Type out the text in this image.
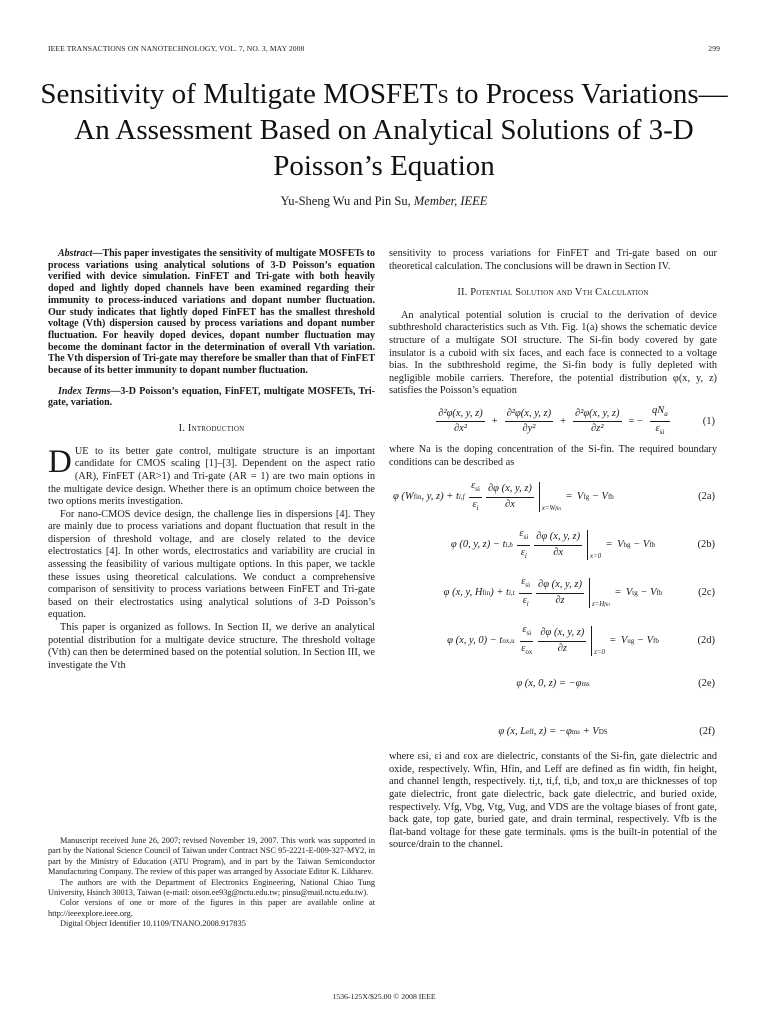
IEEE TRANSACTIONS ON NANOTECHNOLOGY, VOL. 7, NO. 3, MAY 2008	299
Sensitivity of Multigate MOSFETs to Process Variations—An Assessment Based on Analytical Solutions of 3-D Poisson’s Equation
Yu-Sheng Wu and Pin Su, Member, IEEE

Abstract—This paper investigates the sensitivity of multigate MOSFETs to process variations using analytical solutions of 3-D Poisson’s equation verified with device simulation. FinFET and Tri-gate with both heavily doped and lightly doped channels have been examined regarding their immunity to process-induced variations and dopant number fluctuation. Our study indicates that lightly doped FinFET has the smallest threshold voltage (Vth) dispersion caused by process variations and dopant number fluctuation. For heavily doped devices, dopant number fluctuation may become the dominant factor in the determination of overall Vth variation. The Vth dispersion of Tri-gate may therefore be smaller than that of FinFET because of its better immunity to dopant number fluctuation.

Index Terms—3-D Poisson’s equation, FinFET, multigate MOSFETs, Tri-gate, variation.

I. Introduction

DUE to its better gate control, multigate structure is an important candidate for CMOS scaling [1]–[3]. Dependent on the aspect ratio (AR), FinFET (AR>1) and Tri-gate (AR = 1) are two main options in the multigate device design. Whether there is an optimum choice between the two options merits investigation.

For nano-CMOS device design, the challenge lies in dispersions [4]. They are mainly due to process variations and dopant fluctuation that result in the dispersion of threshold voltage, and are closely related to the device electrostatics [4]. In other words, electrostatics and variability are crucial in assessing the feasibility of various multigate options. In this paper, we tackle these issues using theoretical calculations. We conduct a comprehensive comparison of sensitivity to process variations between FinFET and Tri-gate based on their electrostatics using analytical solutions of 3-D Poisson’s equation.

This paper is organized as follows. In Section II, we derive an analytical potential distribution for a multigate device structure. The threshold voltage (Vth) can then be determined based on the potential solution. In Section III, we investigate the Vth

Manuscript received June 26, 2007; revised November 19, 2007. This work was supported in part by the National Science Council of Taiwan under Contract NSC 95-2221-E-009-327-MY2, in part by the Ministry of Education (ATU Program), and in part by the Taiwan Semiconductor Manufacturing Company. The review of this paper was arranged by Associate Editor K. Likharev.

The authors are with the Department of Electronics Engineering, National Chiao Tung University, Hsinch 30013, Taiwan (e-mail: oison.ee93g@nctu.edu.tw; pinsu@mail.nctu.edu.tw).

Color versions of one or more of the figures in this paper are available online at http://ieeexplore.ieee.org.

Digital Object Identifier 10.1109/TNANO.2008.917835

sensitivity to process variations for FinFET and Tri-gate based on our theoretical calculation. The conclusions will be drawn in Section IV.

II. Potential Solution and Vth Calculation

An analytical potential solution is crucial to the derivation of device subthreshold characteristics such as Vth. Fig. 1(a) shows the schematic device structure of a multigate SOI structure. The Si-fin body covered by gate insulator is a cuboid with six faces, and each face is connected to a voltage bias. In the subthreshold regime, the Si-fin body is fully depleted with negligible mobile carriers. Therefore, the potential distribution φ(x, y, z) satisfies the Poisson’s equation

$\frac{\text{∂²φ(x, y, z)}}{\text{∂x²}} + \frac{\text{∂²φ(x, y, z)}}{\text{∂y²}} + \frac{\text{∂²φ(x, y, z)}}{\text{∂z²}}$ = − $\frac{qN_a}{\varepsilon_{si}}$	(1)

where Na is the doping concentration of the Si-fin. The required boundary conditions can be described as

φ (W fin , y, z) + t i,f
$\frac{\varepsilon_{si}}{\varepsilon_i} \frac{\partial\varphi (x, y, z)}{\partial x}$ x=Wfin
= V fg − V fb	(2a)
φ (0, y, z) − t i,b
$\frac{\varepsilon_{si}}{\varepsilon_i} \frac{\partial\varphi (x, y, z)}{\partial x} x=0$
= V bg − V fb	(2b)
φ (x, y, H fin ) + t i,t
$\frac{\varepsilon_{si}}{\varepsilon_i} \frac{\partial\varphi (x, y, z)}{\partial z}$ z=Hfin
= V tg − V fb	(2c)
φ (x, y, 0) − t ox,u
$\frac{\varepsilon_{si}}{\varepsilon_{ox}} \frac{\partial\varphi (x, y, z)}{\partial z} z=0$
= V ug − V fb	(2d)
φ (x, 0, z) = −φ ms	(2e)
φ (x, L eff , z) = −φ ms + V DS	(2f)

where εsi, εi and εox are dielectric, constants of the Si-fin, gate dielectric and oxide, respectively. Wfin, Hfin, and Leff are defined as fin width, fin height, and channel length, respectively. ti,t, ti,f, ti,b, and tox,u are thicknesses of top gate dielectric, front gate dielectric, back gate dielectric, and buried oxide, respectively. Vfg, Vbg, Vtg, Vug, and VDS are the voltage biases of front gate, back gate, top gate, buried gate, and drain terminal, respectively. Vfb is the flat-band voltage for these gate terminals. φms is the built-in potential of the source/drain to the channel.

1536-125X/$25.00 © 2008 IEEE
